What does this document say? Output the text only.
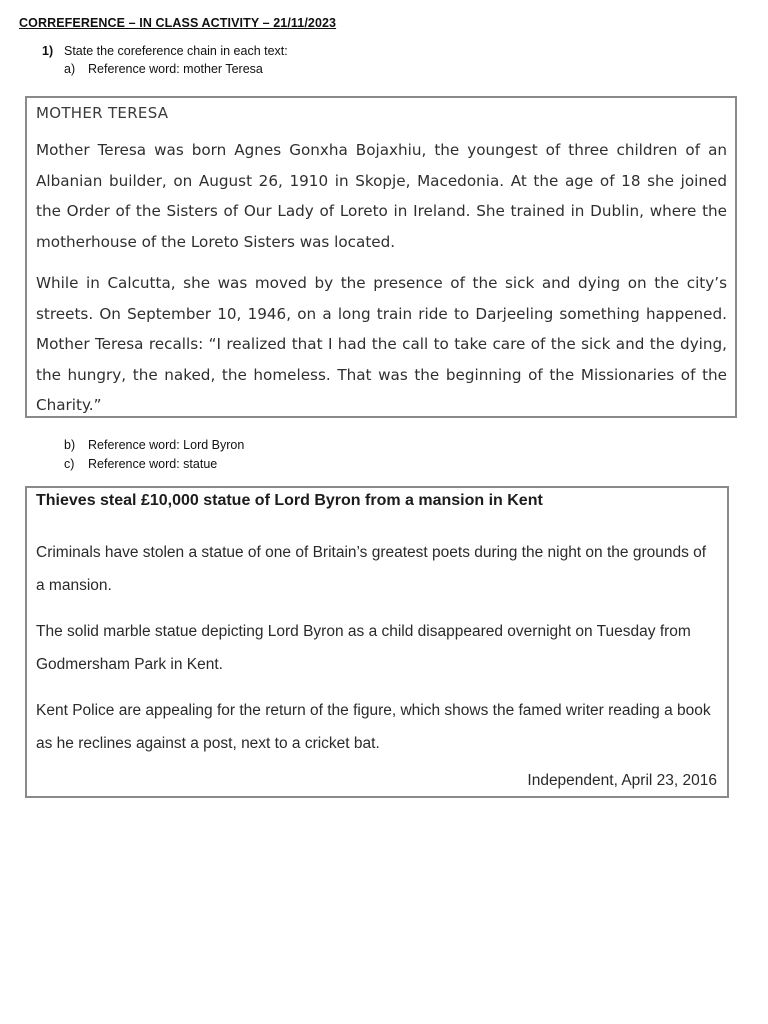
CORREFERENCE – IN CLASS ACTIVITY – 21/11/2023
1) State the coreference chain in each text:
a) Reference word: mother Teresa
MOTHER TERESA

Mother Teresa was born Agnes Gonxha Bojaxhiu, the youngest of three children of an Albanian builder, on August 26, 1910 in Skopje, Macedonia. At the age of 18 she joined the Order of the Sisters of Our Lady of Loreto in Ireland. She trained in Dublin, where the motherhouse of the Loreto Sisters was located.

While in Calcutta, she was moved by the presence of the sick and dying on the city’s streets. On September 10, 1946, on a long train ride to Darjeeling something happened. Mother Teresa recalls: “I realized that I had the call to take care of the sick and the dying, the hungry, the naked, the homeless. That was the beginning of the Missionaries of the Charity.”

b) Reference word: Lord Byron
c) Reference word: statue
Thieves steal £10,000 statue of Lord Byron from a mansion in Kent

Criminals have stolen a statue of one of Britain’s greatest poets during the night on the grounds of a mansion.

The solid marble statue depicting Lord Byron as a child disappeared overnight on Tuesday from Godmersham Park in Kent.

Kent Police are appealing for the return of the figure, which shows the famed writer reading a book as he reclines against a post, next to a cricket bat.

Independent, April 23, 2016
